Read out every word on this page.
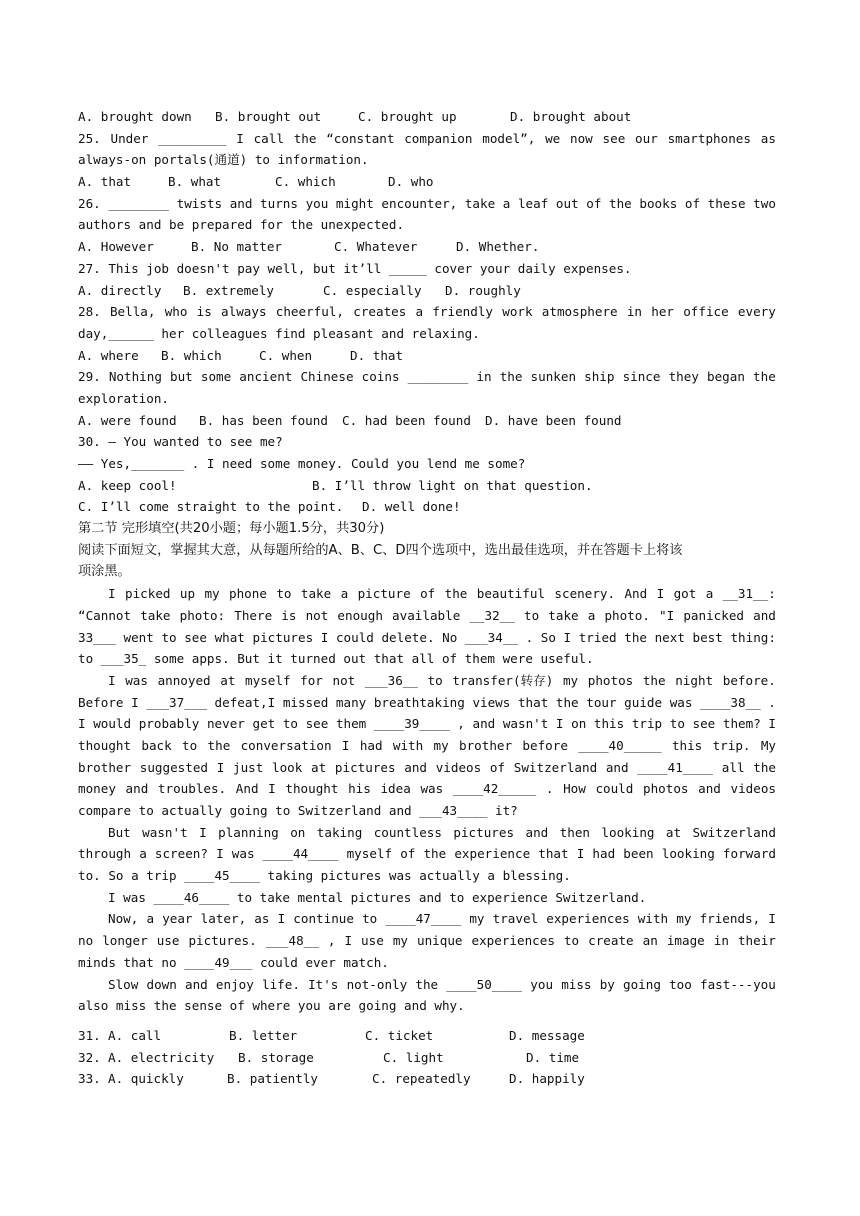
A. brought down	B. brought out	C. brought up	D. brought about
25. Under _________ I call the “constant companion model”, we now see our smartphones as
always-on portals(通道) to information.
A. that	B. what	C. which	D. who
26. ________ twists and turns you might encounter, take a leaf out of the books of these two
authors and be prepared for the unexpected.
A. However	B. No matter	C. Whatever	D. Whether.
27. This job doesn't pay well, but it’ll _____ cover your daily expenses.
A. directly	B. extremely	C. especially	D. roughly
28. Bella, who is always cheerful, creates a friendly work atmosphere in her office every
day,______ her colleagues find pleasant and relaxing.
A. where	B. which	C. when	D. that
29. Nothing but some ancient Chinese coins ________ in the sunken ship since they began the
exploration.
A. were found	B. has been found	C. had been found	D. have been found
30. — You wanted to see me?
—— Yes,_______ . I need some money. Could you lend me some?
A. keep cool!	B. I’ll throw light on that question.
C. I’ll come straight to the point.	D. well done!
第二节 完形填空(共20小题；每小题1.5分，共30分)
阅读下面短文，掌握其大意，从每题所给的A、B、C、D四个选项中，选出最佳选项，并在答题卡上将该
项涂黑。
I picked up my phone to take a picture of the beautiful scenery. And I got a __31__:
“Cannot take photo: There is not enough available __32__ to take a photo. "I panicked and
33___ went to see what pictures I could delete. No ___34__ . So I tried the next best thing:
to ___35_ some apps. But it turned out that all of them were useful.
I was annoyed at myself for not ___36__ to transfer(转存) my photos the night before.
Before I ___37___ defeat,I missed many breathtaking views that the tour guide was ____38__ .
I would probably never get to see them ____39____ , and wasn't I on this trip to see them? I
thought back to the conversation I had with my brother before ____40_____ this trip. My
brother suggested I just look at pictures and videos of Switzerland and ____41____ all the
money and troubles. And I thought his idea was ____42_____ . How could photos and videos
compare to actually going to Switzerland and ___43____ it?
But wasn't I planning on taking countless pictures and then looking at Switzerland
through a screen? I was ____44____ myself of the experience that I had been looking forward
to. So a trip ____45____ taking pictures was actually a blessing.
I was ____46____ to take mental pictures and to experience Switzerland.
Now, a year later, as I continue to ____47____ my travel experiences with my friends, I
no longer use pictures. ___48__ , I use my unique experiences to create an image in their
minds that no ____49___ could ever match.
Slow down and enjoy life. It's not-only the ____50____ you miss by going too fast---you
also miss the sense of where you are going and why.
31. A. call	B. letter	C. ticket	D. message
32. A. electricity	B. storage	C. light	D. time
33. A. quickly	B. patiently	C. repeatedly	D. happily
